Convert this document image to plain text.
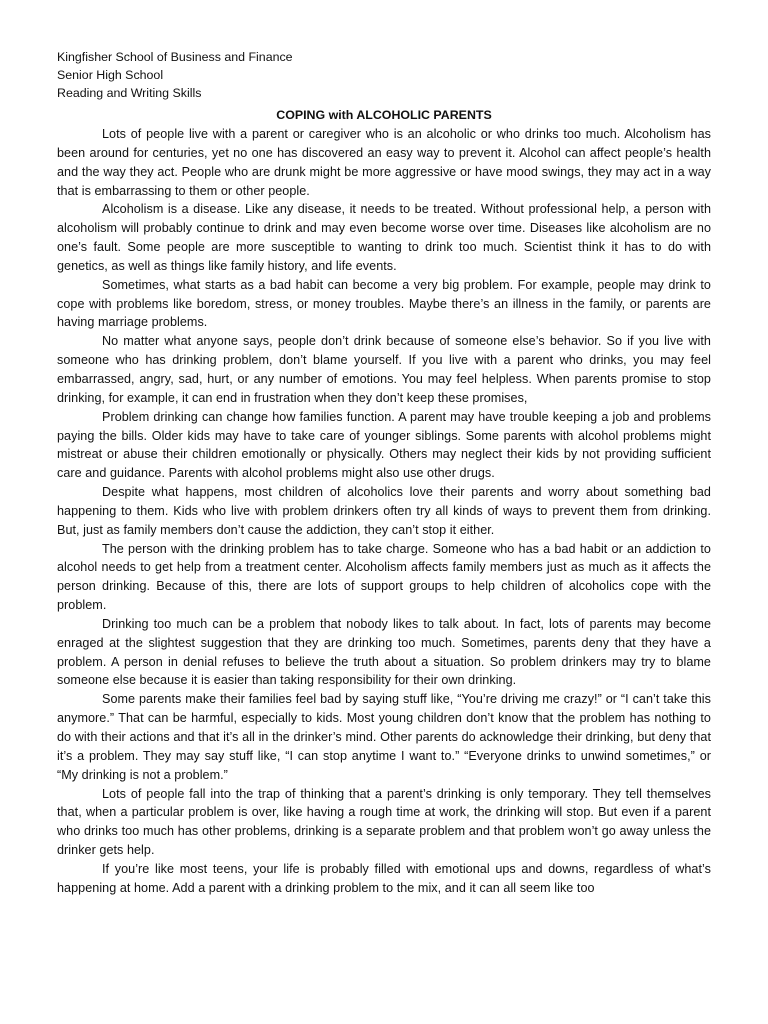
Kingfisher School of Business and Finance
Senior High School
Reading and Writing Skills
COPING with ALCOHOLIC PARENTS

Lots of people live with a parent or caregiver who is an alcoholic or who drinks too much. Alcoholism has been around for centuries, yet no one has discovered an easy way to prevent it. Alcohol can affect people’s health and the way they act. People who are drunk might be more aggressive or have mood swings, they may act in a way that is embarrassing to them or other people.

Alcoholism is a disease. Like any disease, it needs to be treated. Without professional help, a person with alcoholism will probably continue to drink and may even become worse over time. Diseases like alcoholism are no one’s fault. Some people are more susceptible to wanting to drink too much. Scientist think it has to do with genetics, as well as things like family history, and life events.

Sometimes, what starts as a bad habit can become a very big problem. For example, people may drink to cope with problems like boredom, stress, or money troubles. Maybe there’s an illness in the family, or parents are having marriage problems.

No matter what anyone says, people don’t drink because of someone else’s behavior. So if you live with someone who has drinking problem, don’t blame yourself. If you live with a parent who drinks, you may feel embarrassed, angry, sad, hurt, or any number of emotions. You may feel helpless. When parents promise to stop drinking, for example, it can end in frustration when they don’t keep these promises,

Problem drinking can change how families function. A parent may have trouble keeping a job and problems paying the bills. Older kids may have to take care of younger siblings. Some parents with alcohol problems might mistreat or abuse their children emotionally or physically. Others may neglect their kids by not providing sufficient care and guidance. Parents with alcohol problems might also use other drugs.

Despite what happens, most children of alcoholics love their parents and worry about something bad happening to them. Kids who live with problem drinkers often try all kinds of ways to prevent them from drinking. But, just as family members don’t cause the addiction, they can’t stop it either.

The person with the drinking problem has to take charge. Someone who has a bad habit or an addiction to alcohol needs to get help from a treatment center. Alcoholism affects family members just as much as it affects the person drinking. Because of this, there are lots of support groups to help children of alcoholics cope with the problem.

Drinking too much can be a problem that nobody likes to talk about. In fact, lots of parents may become enraged at the slightest suggestion that they are drinking too much. Sometimes, parents deny that they have a problem. A person in denial refuses to believe the truth about a situation. So problem drinkers may try to blame someone else because it is easier than taking responsibility for their own drinking.

Some parents make their families feel bad by saying stuff like, “You’re driving me crazy!” or “I can’t take this anymore.” That can be harmful, especially to kids. Most young children don’t know that the problem has nothing to do with their actions and that it’s all in the drinker’s mind. Other parents do acknowledge their drinking, but deny that it’s a problem. They may say stuff like, “I can stop anytime I want to.” “Everyone drinks to unwind sometimes,” or “My drinking is not a problem.”

Lots of people fall into the trap of thinking that a parent’s drinking is only temporary. They tell themselves that, when a particular problem is over, like having a rough time at work, the drinking will stop. But even if a parent who drinks too much has other problems, drinking is a separate problem and that problem won’t go away unless the drinker gets help.

If you’re like most teens, your life is probably filled with emotional ups and downs, regardless of what’s happening at home. Add a parent with a drinking problem to the mix, and it can all seem like too
